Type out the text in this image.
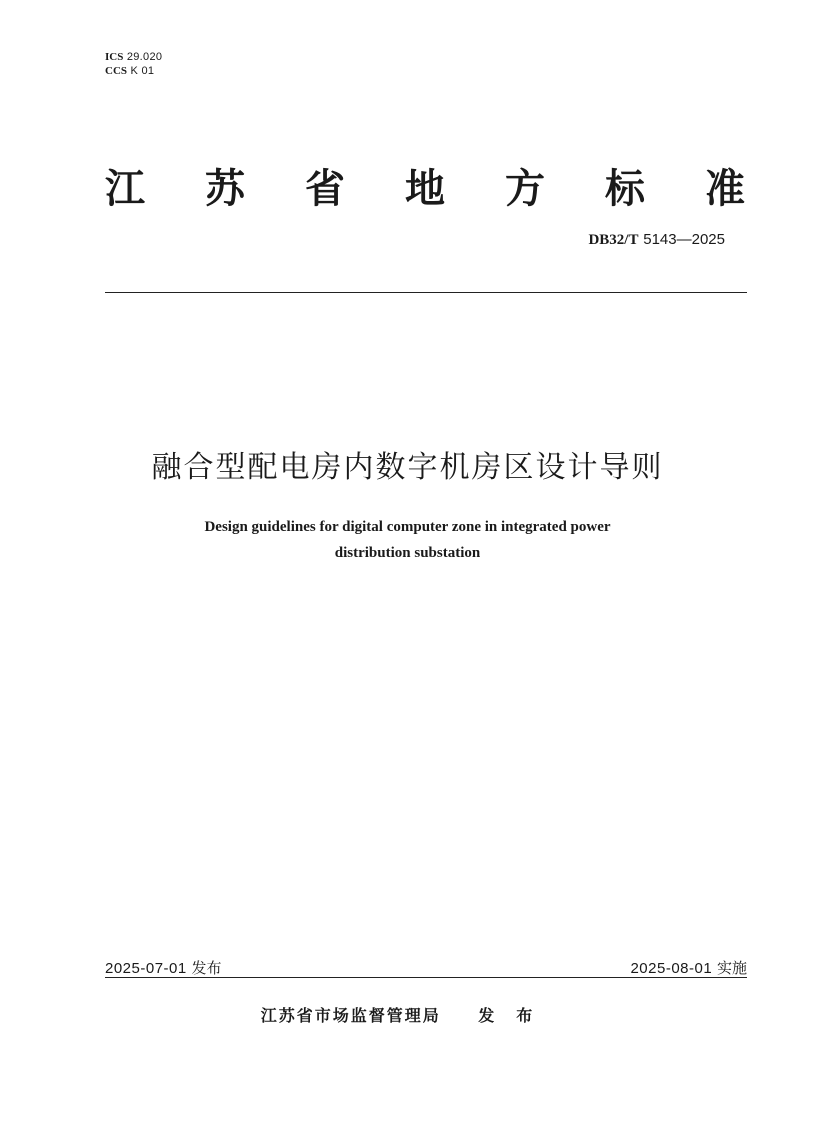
ICS 29.020
CCS K 01
江 苏 省 地 方 标 准
DB32/T 5143—2025
融合型配电房内数字机房区设计导则
Design guidelines for digital computer zone in integrated power
distribution substation
2025-07-01 发布	2025-08-01 实施
江苏省市场监督管理局 发布
